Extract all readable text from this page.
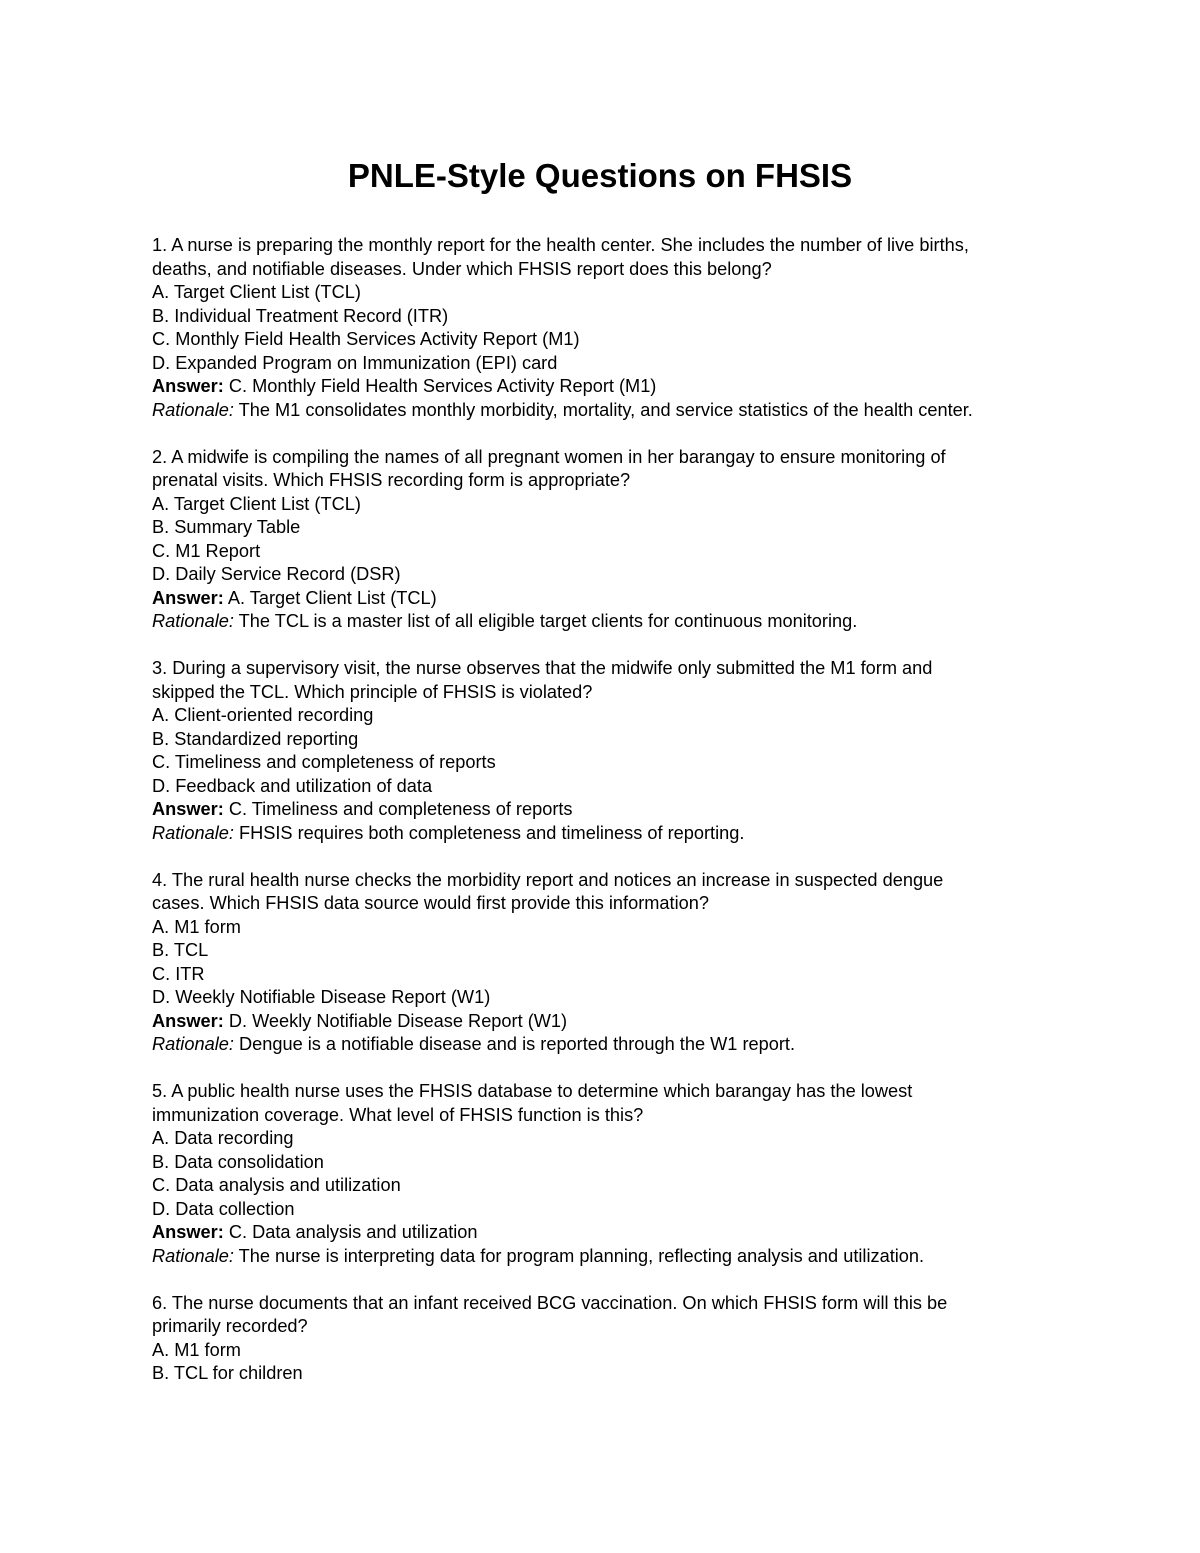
PNLE-Style Questions on FHSIS
1. A nurse is preparing the monthly report for the health center. She includes the number of live births,
deaths, and notifiable diseases. Under which FHSIS report does this belong?
A. Target Client List (TCL)
B. Individual Treatment Record (ITR)
C. Monthly Field Health Services Activity Report (M1)
D. Expanded Program on Immunization (EPI) card
Answer: C. Monthly Field Health Services Activity Report (M1)
Rationale: The M1 consolidates monthly morbidity, mortality, and service statistics of the health center.
2. A midwife is compiling the names of all pregnant women in her barangay to ensure monitoring of
prenatal visits. Which FHSIS recording form is appropriate?
A. Target Client List (TCL)
B. Summary Table
C. M1 Report
D. Daily Service Record (DSR)
Answer: A. Target Client List (TCL)
Rationale: The TCL is a master list of all eligible target clients for continuous monitoring.
3. During a supervisory visit, the nurse observes that the midwife only submitted the M1 form and
skipped the TCL. Which principle of FHSIS is violated?
A. Client-oriented recording
B. Standardized reporting
C. Timeliness and completeness of reports
D. Feedback and utilization of data
Answer: C. Timeliness and completeness of reports
Rationale: FHSIS requires both completeness and timeliness of reporting.
4. The rural health nurse checks the morbidity report and notices an increase in suspected dengue
cases. Which FHSIS data source would first provide this information?
A. M1 form
B. TCL
C. ITR
D. Weekly Notifiable Disease Report (W1)
Answer: D. Weekly Notifiable Disease Report (W1)
Rationale: Dengue is a notifiable disease and is reported through the W1 report.
5. A public health nurse uses the FHSIS database to determine which barangay has the lowest
immunization coverage. What level of FHSIS function is this?
A. Data recording
B. Data consolidation
C. Data analysis and utilization
D. Data collection
Answer: C. Data analysis and utilization
Rationale: The nurse is interpreting data for program planning, reflecting analysis and utilization.
6. The nurse documents that an infant received BCG vaccination. On which FHSIS form will this be
primarily recorded?
A. M1 form
B. TCL for children
